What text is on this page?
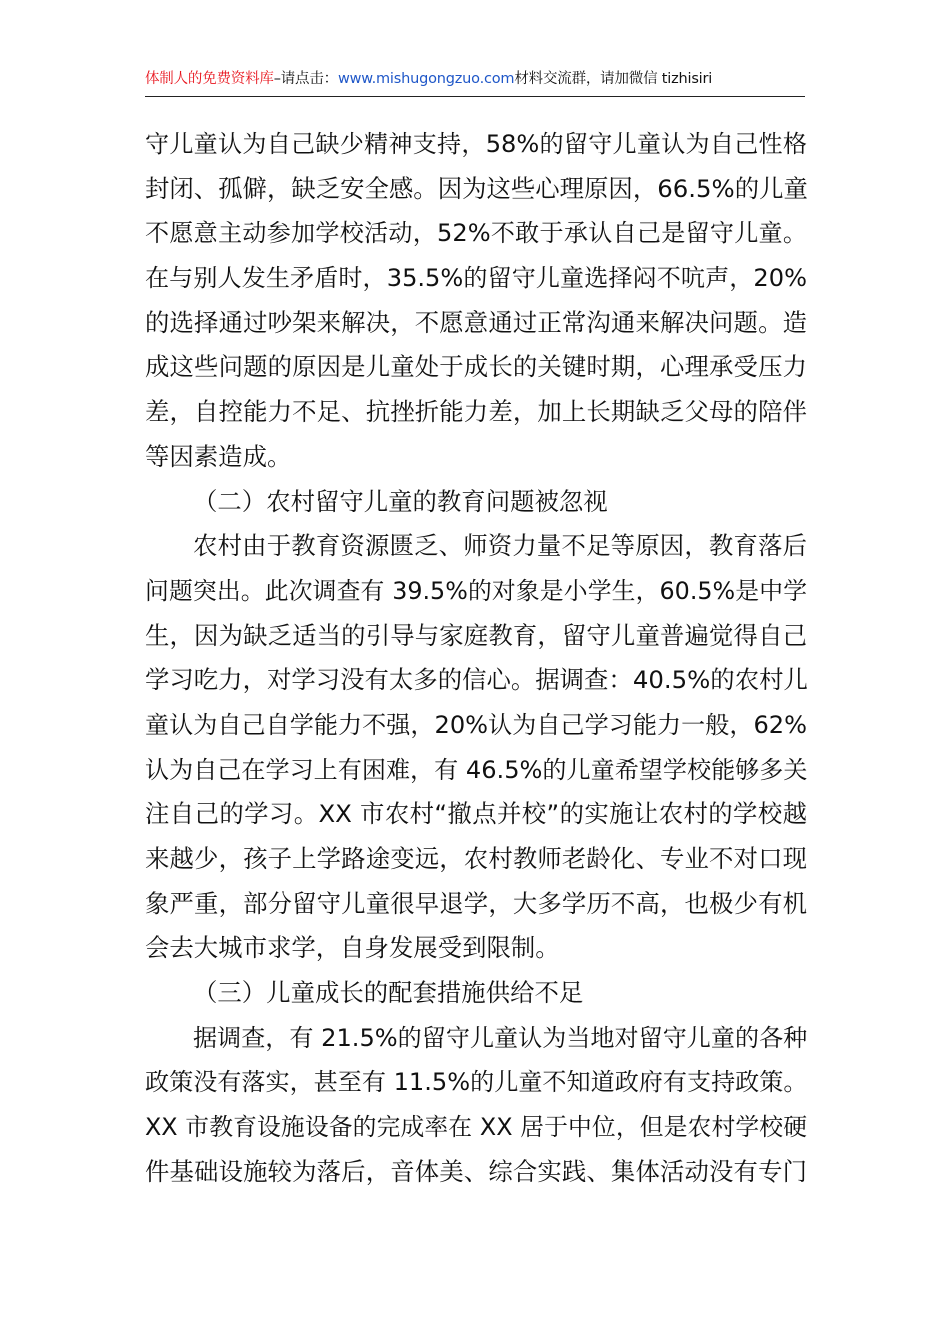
体制人的免费资料库–请点击：www.mishugongzuo.com材料交流群，请加微信 tizhisiri
守儿童认为自己缺少精神支持，58%的留守儿童认为自己性格
封闭、孤僻，缺乏安全感。因为这些心理原因，66.5%的儿童
不愿意主动参加学校活动，52%不敢于承认自己是留守儿童。
在与别人发生矛盾时，35.5%的留守儿童选择闷不吭声，20%
的选择通过吵架来解决，不愿意通过正常沟通来解决问题。造
成这些问题的原因是儿童处于成长的关键时期，心理承受压力
差，自控能力不足、抗挫折能力差，加上长期缺乏父母的陪伴
等因素造成。
（二）农村留守儿童的教育问题被忽视
农村由于教育资源匮乏、师资力量不足等原因，教育落后
问题突出。此次调查有 39.5%的对象是小学生，60.5%是中学
生，因为缺乏适当的引导与家庭教育，留守儿童普遍觉得自己
学习吃力，对学习没有太多的信心。据调查：40.5%的农村儿
童认为自己自学能力不强，20%认为自己学习能力一般，62%
认为自己在学习上有困难，有 46.5%的儿童希望学校能够多关
注自己的学习。XX 市农村“撤点并校”的实施让农村的学校越
来越少，孩子上学路途变远，农村教师老龄化、专业不对口现
象严重，部分留守儿童很早退学，大多学历不高，也极少有机
会去大城市求学，自身发展受到限制。
（三）儿童成长的配套措施供给不足
据调查，有 21.5%的留守儿童认为当地对留守儿童的各种
政策没有落实，甚至有 11.5%的儿童不知道政府有支持政策。
XX 市教育设施设备的完成率在 XX 居于中位，但是农村学校硬
件基础设施较为落后，音体美、综合实践、集体活动没有专门
